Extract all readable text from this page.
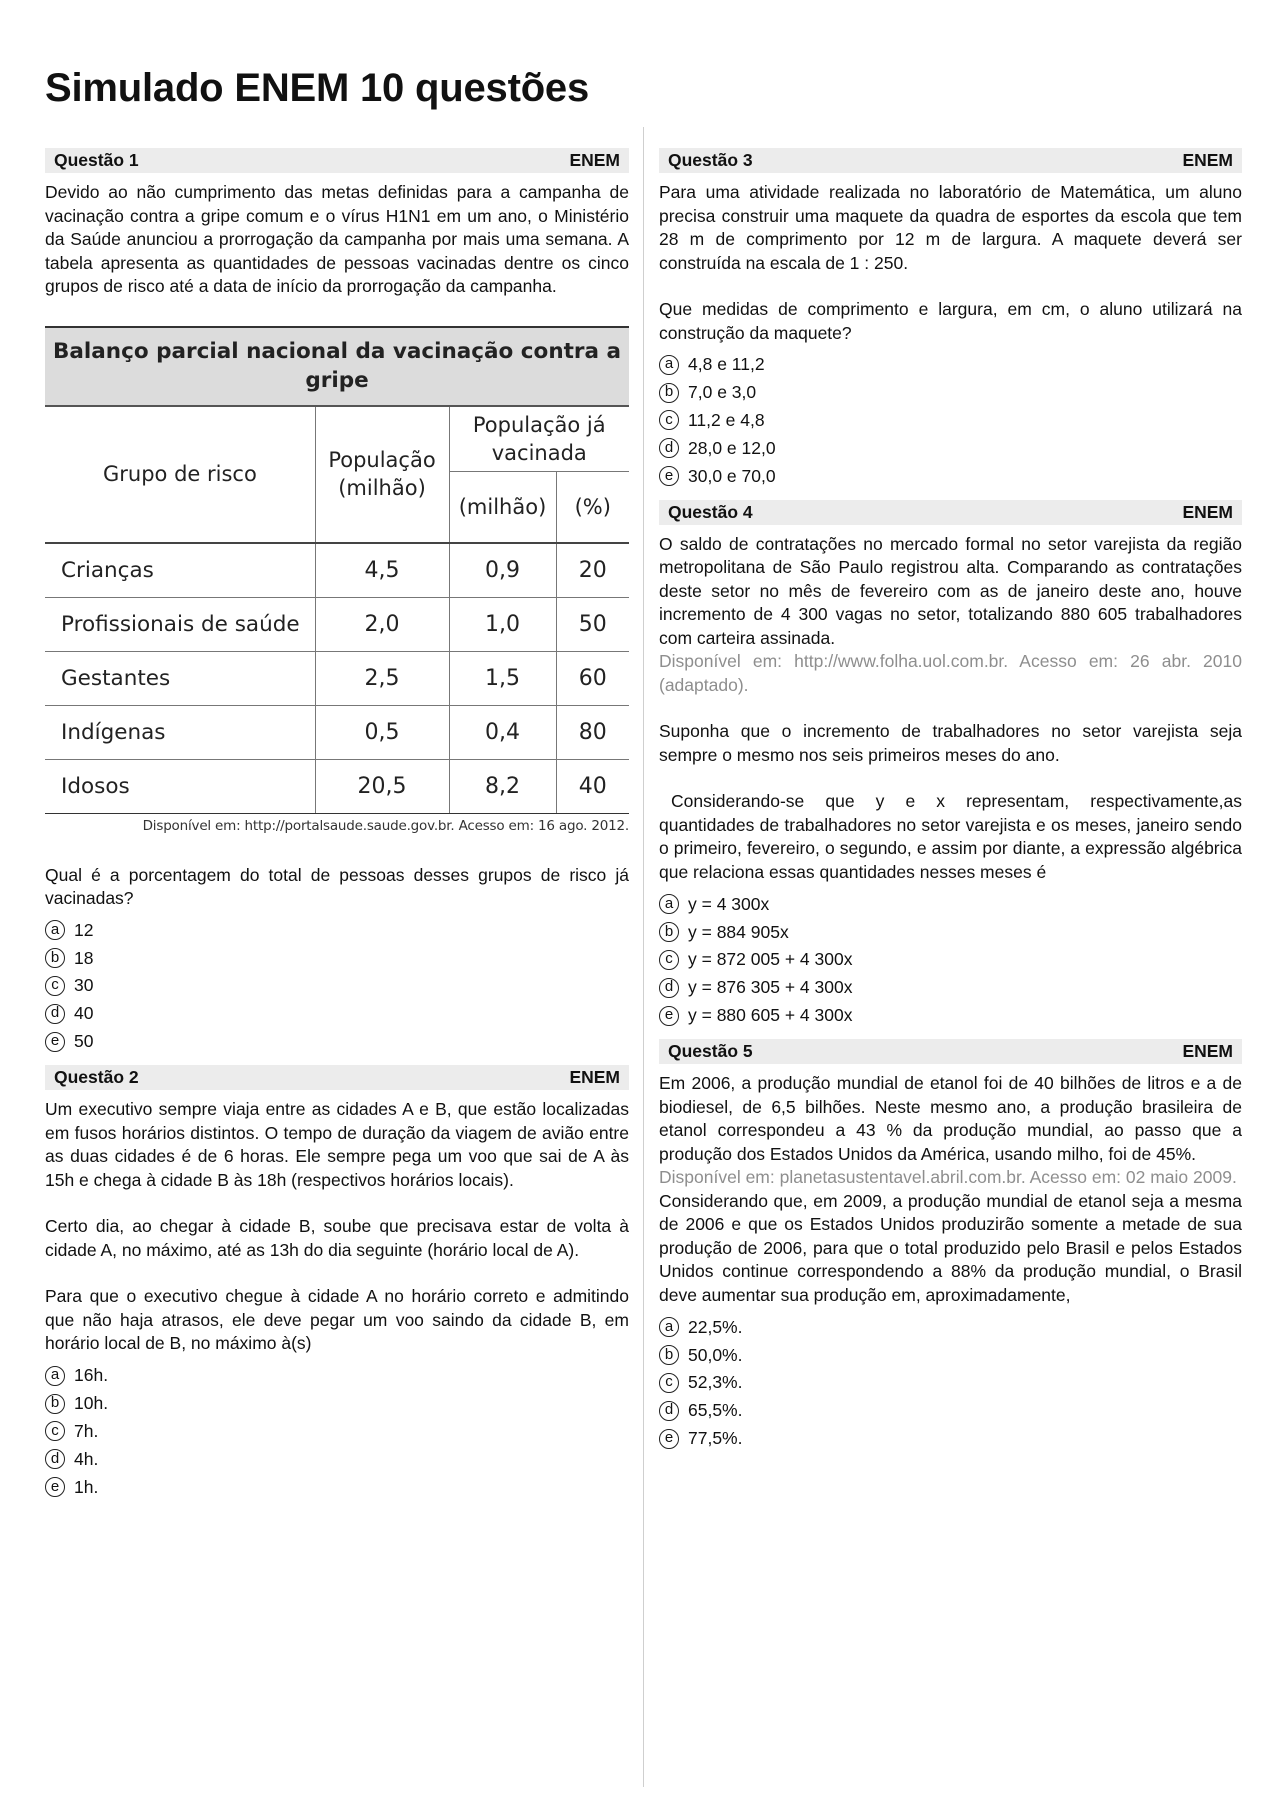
Simulado ENEM 10 questões
Questão 1	ENEM

Devido ao não cumprimento das metas definidas para a campanha de vacinação contra a gripe comum e o vírus H1N1 em um ano, o Ministério da Saúde anunciou a prorrogação da campanha por mais uma semana. A tabela apresenta as quantidades de pessoas vacinadas dentre os cinco grupos de risco até a data de início da prorrogação da campanha.

Balanço parcial nacional da vacinação contra a gripe			
Grupo de risco	População (milhão)	População já vacinada	
		(milhão)	(%)
Crianças	4,5	0,9	20
Profissionais de saúde	2,0	1,0	50
Gestantes	2,5	1,5	60
Indígenas	0,5	0,4	80
Idosos	20,5	8,2	40
Disponível em: http://portalsaude.saude.gov.br. Acesso em: 16 ago. 2012.

Qual é a porcentagem do total de pessoas desses grupos de risco já vacinadas?

a 12
b 18
c 30
d 40
e 50
Questão 2	ENEM

Um executivo sempre viaja entre as cidades A e B, que estão localizadas em fusos horários distintos. O tempo de duração da viagem de avião entre as duas cidades é de 6 horas. Ele sempre pega um voo que sai de A às 15h e chega à cidade B às 18h (respectivos horários locais).

Certo dia, ao chegar à cidade B, soube que precisava estar de volta à cidade A, no máximo, até as 13h do dia seguinte (horário local de A).

Para que o executivo chegue à cidade A no horário correto e admitindo que não haja atrasos, ele deve pegar um voo saindo da cidade B, em horário local de B, no máximo à(s)

a 16h.
b 10h.
c 7h.
d 4h.
e 1h.
Questão 3	ENEM

Para uma atividade realizada no laboratório de Matemática, um aluno precisa construir uma maquete da quadra de esportes da escola que tem 28 m de comprimento por 12 m de largura. A maquete deverá ser construída na escala de 1 : 250.

Que medidas de comprimento e largura, em cm, o aluno utilizará na construção da maquete?

a 4,8 e 11,2
b 7,0 e 3,0
c 11,2 e 4,8
d 28,0 e 12,0
e 30,0 e 70,0
Questão 4	ENEM

O saldo de contratações no mercado formal no setor varejista da região metropolitana de São Paulo registrou alta. Comparando as contratações deste setor no mês de fevereiro com as de janeiro deste ano, houve incremento de 4 300 vagas no setor, totalizando 880 605 trabalhadores com carteira assinada.

Disponível em: http://www.folha.uol.com.br. Acesso em: 26 abr. 2010 (adaptado).

Suponha que o incremento de trabalhadores no setor varejista seja sempre o mesmo nos seis primeiros meses do ano.

Considerando-se que y e x representam, respectivamente,as quantidades de trabalhadores no setor varejista e os meses, janeiro sendo o primeiro, fevereiro, o segundo, e assim por diante, a expressão algébrica que relaciona essas quantidades nesses meses é

a y = 4 300x
b y = 884 905x
c y = 872 005 + 4 300x
d y = 876 305 + 4 300x
e y = 880 605 + 4 300x
Questão 5	ENEM

Em 2006, a produção mundial de etanol foi de 40 bilhões de litros e a de biodiesel, de 6,5 bilhões. Neste mesmo ano, a produção brasileira de etanol correspondeu a 43 % da produção mundial, ao passo que a produção dos Estados Unidos da América, usando milho, foi de 45%.

Disponível em: planetasustentavel.abril.com.br. Acesso em: 02 maio 2009.

Considerando que, em 2009, a produção mundial de etanol seja a mesma de 2006 e que os Estados Unidos produzirão somente a metade de sua produção de 2006, para que o total produzido pelo Brasil e pelos Estados Unidos continue correspondendo a 88% da produção mundial, o Brasil deve aumentar sua produção em, aproximadamente,

a 22,5%.
b 50,0%.
c 52,3%.
d 65,5%.
e 77,5%.
